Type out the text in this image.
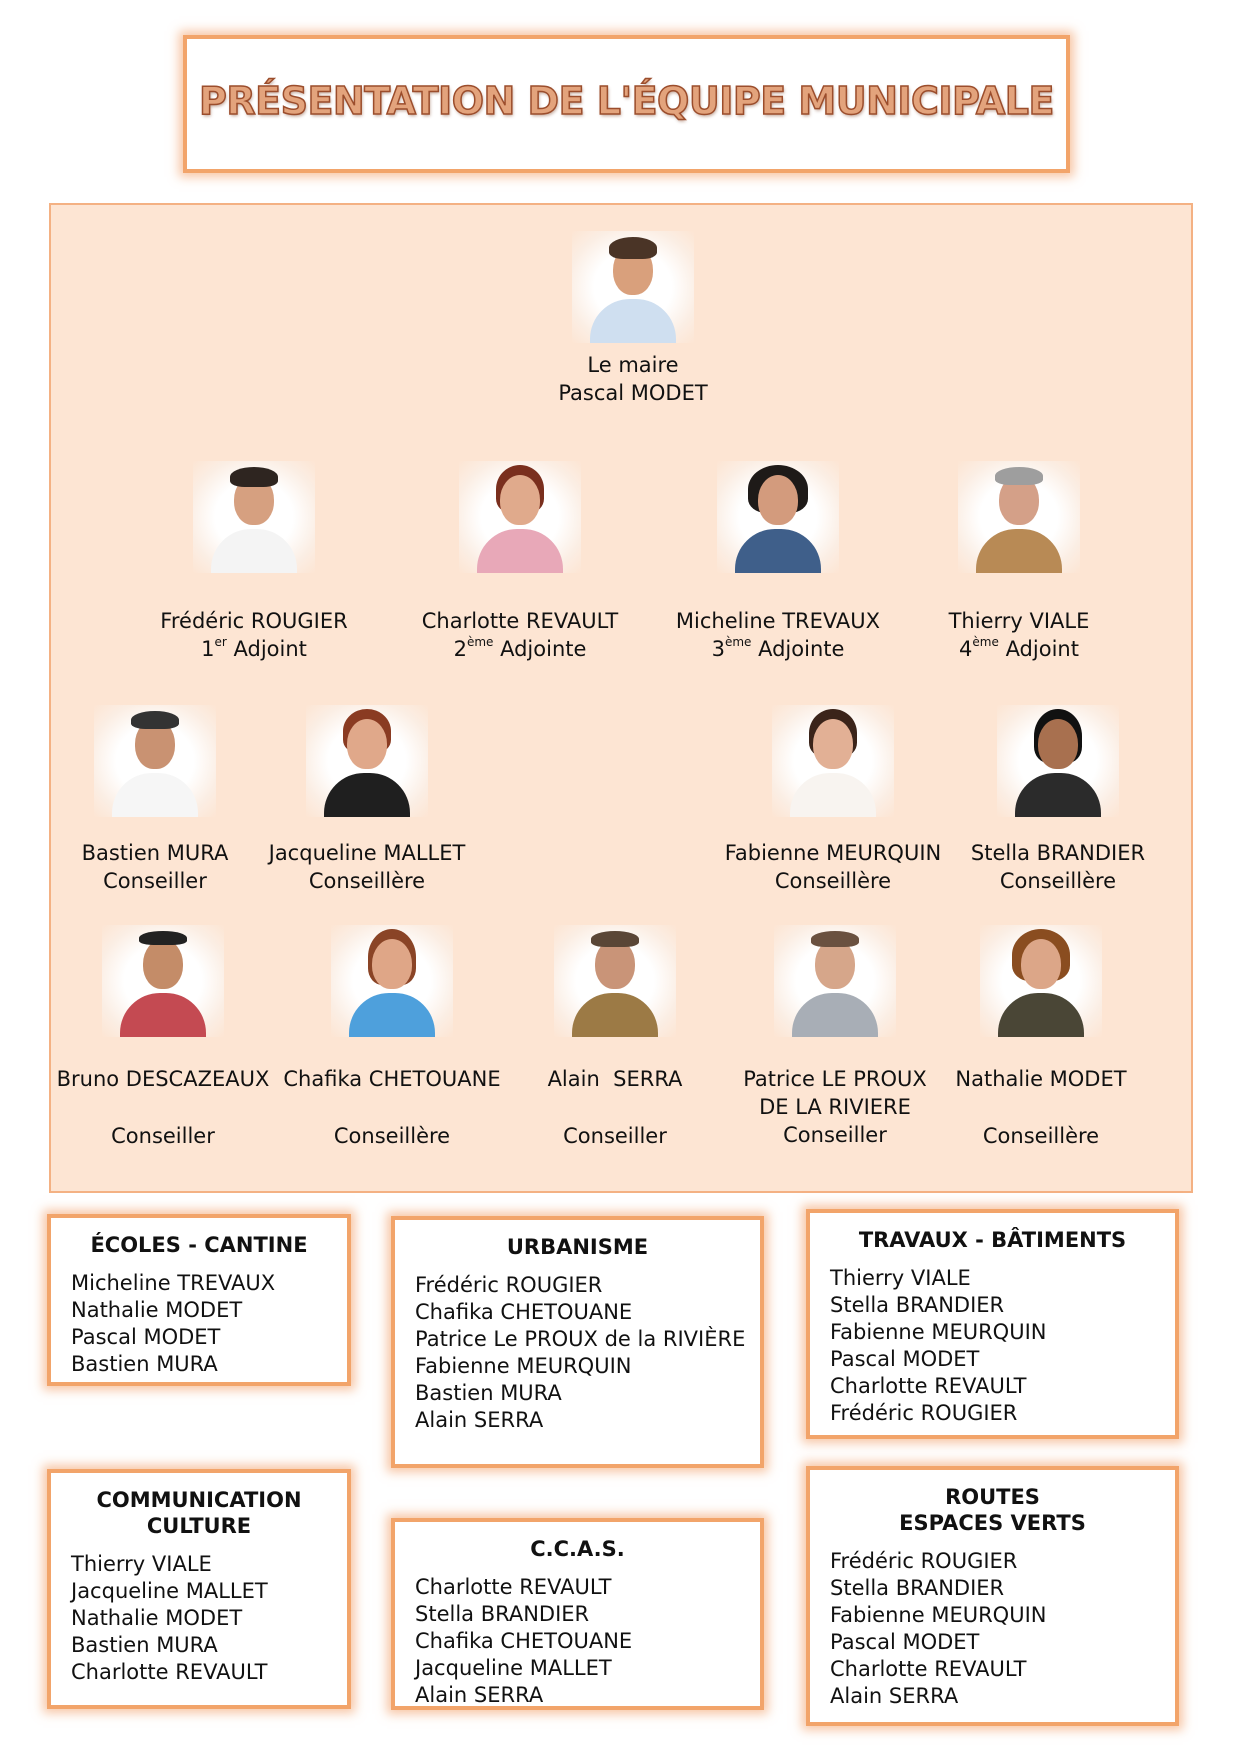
PRÉSENTATION DE L'ÉQUIPE MUNICIPALE
Le maire
Pascal MODET
Frédéric ROUGIER
1er Adjoint
Charlotte REVAULT
2ème Adjointe
Micheline TREVAUX
3ème Adjointe
Thierry VIALE
4ème Adjoint
Bastien MURA
Conseiller
Jacqueline MALLET
Conseillère
Fabienne MEURQUIN
Conseillère
Stella BRANDIER
Conseillère
Bruno DESCAZEAUX
Conseiller
Chafika CHETOUANE
Conseillère
Alain  SERRA
Conseiller
Patrice LE PROUX
DE LA RIVIERE
Conseiller
Nathalie MODET
Conseillère
ÉCOLES - CANTINE
Micheline TREVAUX
Nathalie MODET
Pascal MODET
Bastien MURA
URBANISME
Frédéric ROUGIER
Chafika CHETOUANE
Patrice Le PROUX de la RIVIÈRE
Fabienne MEURQUIN
Bastien MURA
Alain SERRA
TRAVAUX - BÂTIMENTS
Thierry VIALE
Stella BRANDIER
Fabienne MEURQUIN
Pascal MODET
Charlotte REVAULT
Frédéric ROUGIER
COMMUNICATION
CULTURE
Thierry VIALE
Jacqueline MALLET
Nathalie MODET
Bastien MURA
Charlotte REVAULT
C.C.A.S.
Charlotte REVAULT
Stella BRANDIER
Chafika CHETOUANE
Jacqueline MALLET
Alain SERRA
ROUTES
ESPACES VERTS
Frédéric ROUGIER
Stella BRANDIER
Fabienne MEURQUIN
Pascal MODET
Charlotte REVAULT
Alain SERRA
